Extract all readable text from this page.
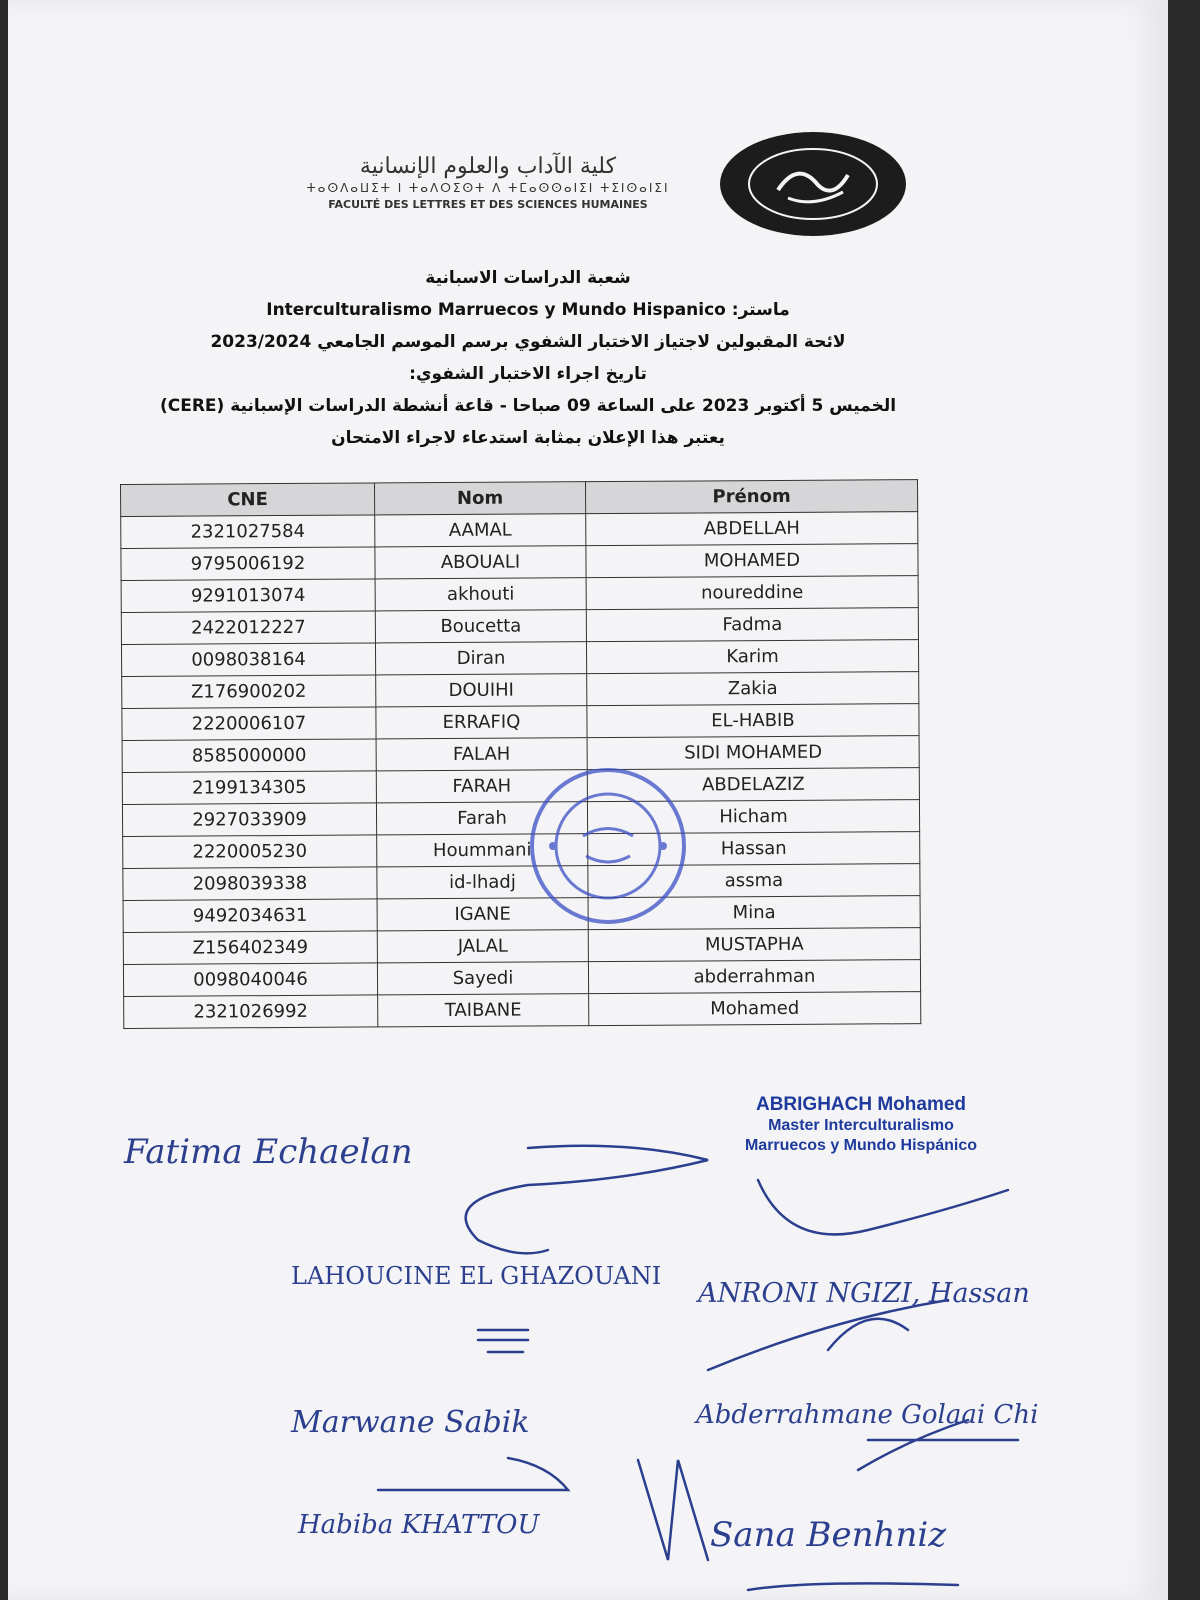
كلية الآداب والعلوم الإنسانية
ⵜⴰⵙⴷⴰⵡⵉⵜ ⵏ ⵜⴰⴷⵔⵉⵙⵜ ⴷ ⵜⵎⴰⵙⵙⴰⵏⵉⵏ ⵜⵉⵏⵙⴰⵏⵉⵏ
FACULTÉ DES LETTRES ET DES SCIENCES HUMAINES
شعبة الدراسات الاسبانية
ماستر: Interculturalismo Marruecos y Mundo Hispanico
لائحة المقبولين لاجتياز الاختبار الشفوي برسم الموسم الجامعي 2023/2024
تاريخ اجراء الاختبار الشفوي:
الخميس 5 أكتوبر 2023 على الساعة 09 صباحا - قاعة أنشطة الدراسات الإسبانية (CERE)
يعتبر هذا الإعلان بمثابة استدعاء لاجراء الامتحان
CNE	Nom	Prénom
2321027584	AAMAL	ABDELLAH
9795006192	ABOUALI	MOHAMED
9291013074	akhouti	noureddine
2422012227	Boucetta	Fadma
0098038164	Diran	Karim
Z176900202	DOUIHI	Zakia
2220006107	ERRAFIQ	EL-HABIB
8585000000	FALAH	SIDI MOHAMED
2199134305	FARAH	ABDELAZIZ
2927033909	Farah	Hicham
2220005230	Hoummani	Hassan
2098039338	id-lhadj	assma
9492034631	IGANE	Mina
Z156402349	JALAL	MUSTAPHA
0098040046	Sayedi	abderrahman
2321026992	TAIBANE	Mohamed
ABRIGHACH Mohamed
Master Interculturalismo
Marruecos y Mundo Hispánico
Fatima Echaelan
LAHOUCINE EL GHAZOUANI
ANRONI NGIZI, Hassan
Marwane Sabik	Abderrahmane Golaai Chi
Habiba KHATTOU	Sana Benhniz
